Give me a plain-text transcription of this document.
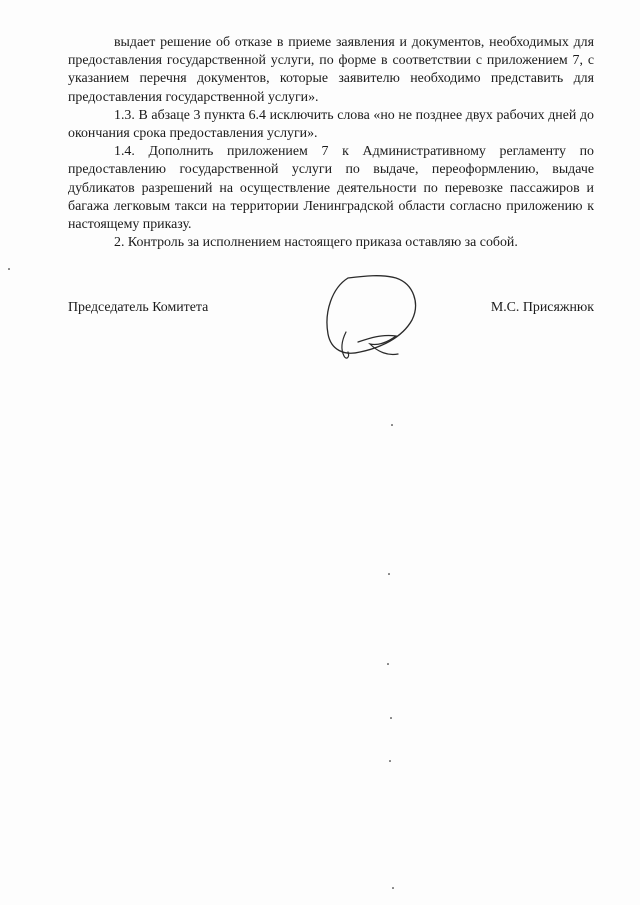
выдает решение об отказе в приеме заявления и документов, необходимых для предоставления государственной услуги, по форме в соответствии с приложением 7, с указанием перечня документов, которые заявителю необходимо представить для предоставления государственной услуги».

1.3. В абзаце 3 пункта 6.4 исключить слова «но не позднее двух рабочих дней до окончания срока предоставления услуги».

1.4. Дополнить приложением 7 к Административному регламенту по предоставлению государственной услуги по выдаче, переоформлению, выдаче дубликатов разрешений на осуществление деятельности по перевозке пассажиров и багажа легковым такси на территории Ленинградской области согласно приложению к настоящему приказу.

2. Контроль за исполнением настоящего приказа оставляю за собой.

Председатель Комитета	М.С. Присяжнюк
